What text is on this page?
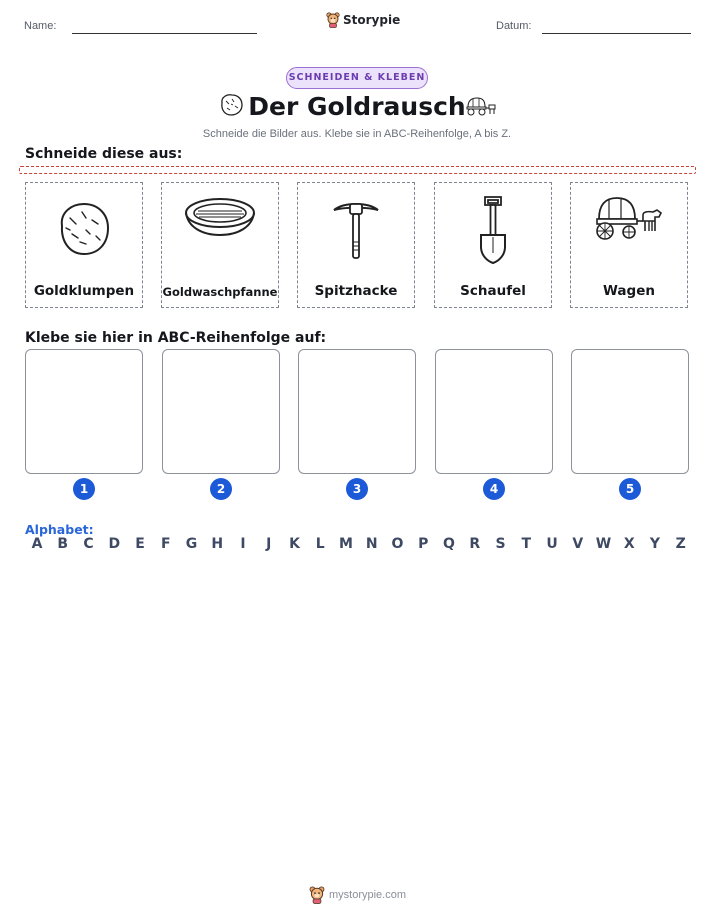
Name:	Storypie	Datum:
SCHNEIDEN & KLEBEN
Der Goldrausch
Schneide die Bilder aus. Klebe sie in ABC-Reihenfolge, A bis Z.
Schneide diese aus:
Goldklumpen	Goldwaschpfanne	Spitzhacke	Schaufel	Wagen
Klebe sie hier in ABC-Reihenfolge auf:
1	2	3	4	5
Alphabet:
A B C D E F G H	I	J	K L M N O P Q R S T U V W X Y Z
mystorypie.com
